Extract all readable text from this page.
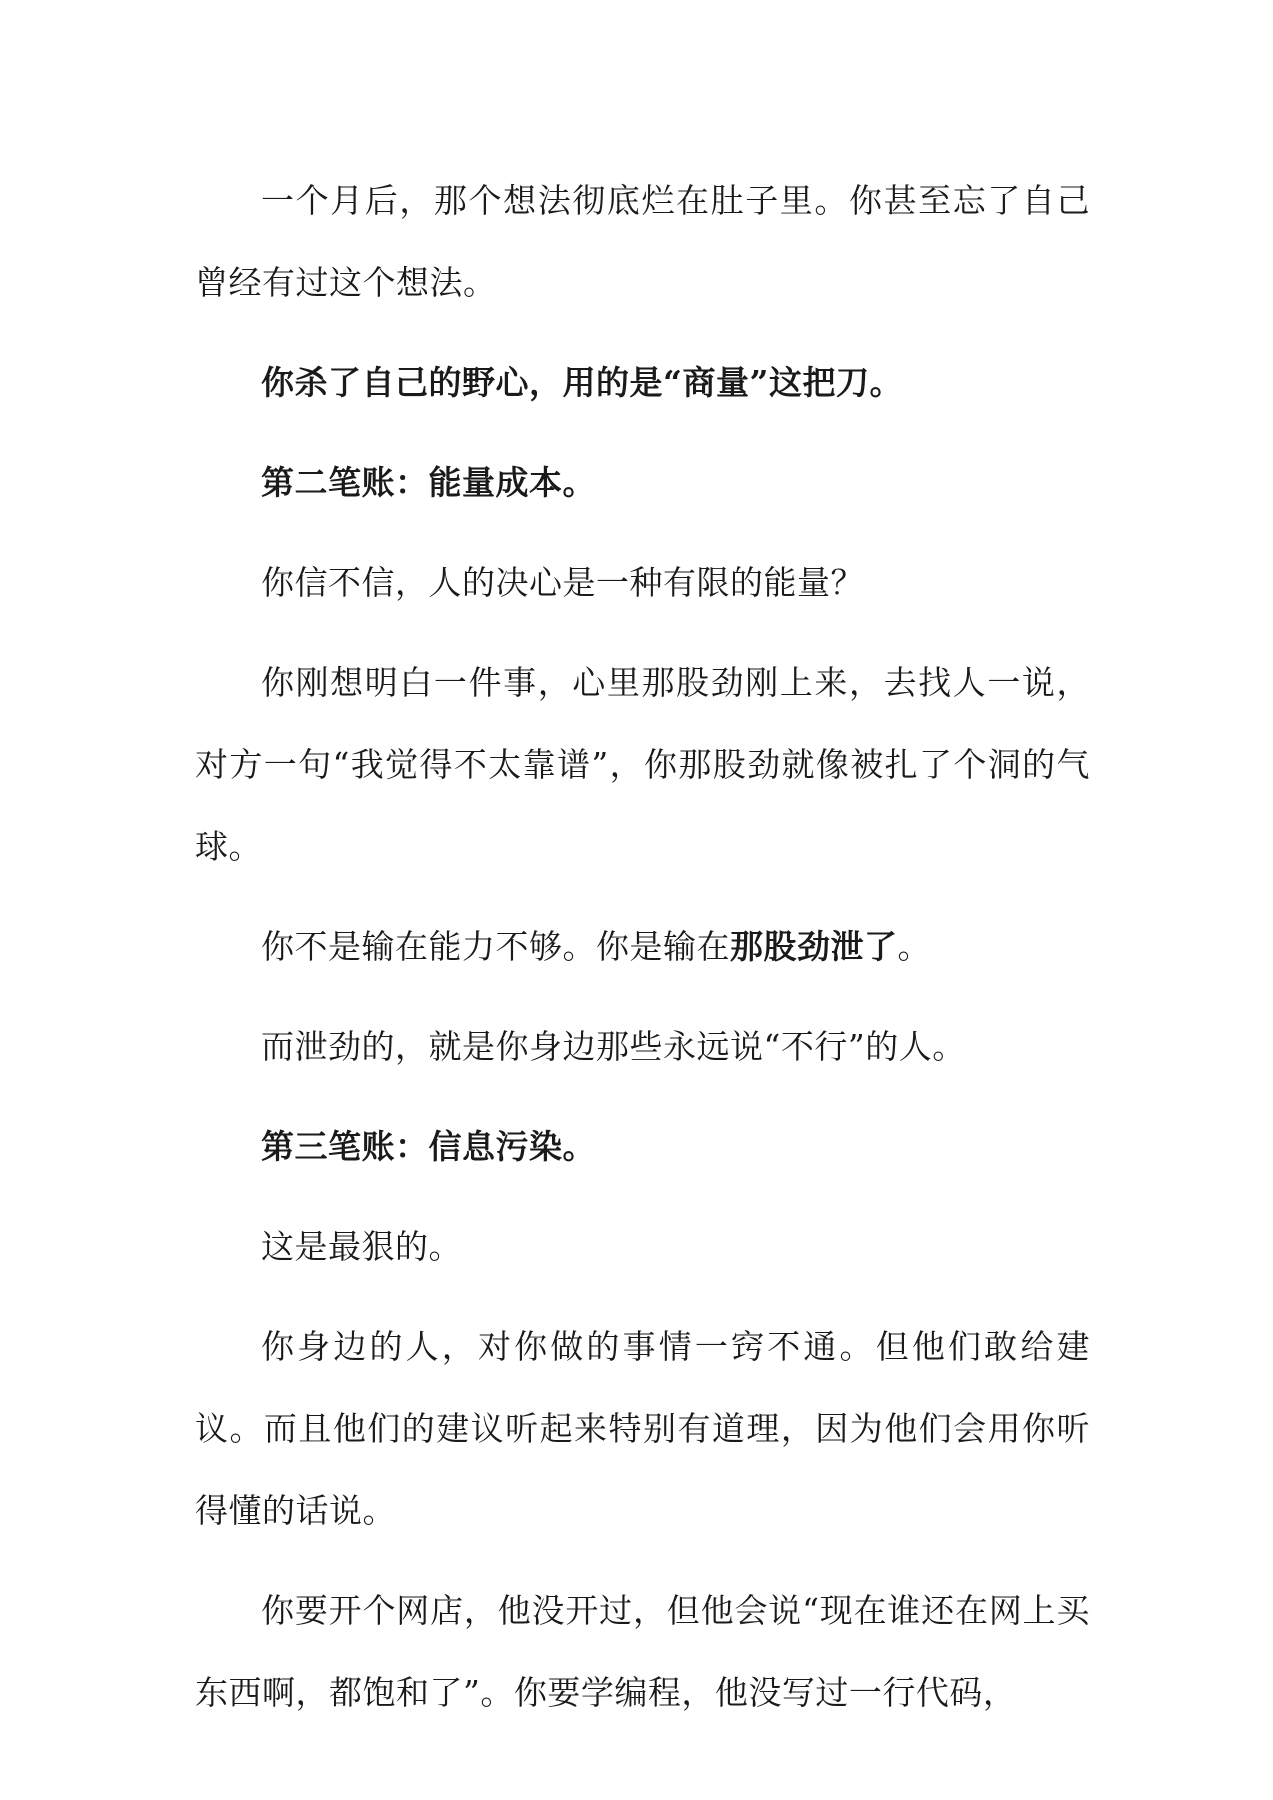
一个月后，那个想法彻底烂在肚子里。你甚至忘了自己曾经有过这个想法。

你杀了自己的野心，用的是“商量”这把刀。

第二笔账：能量成本。

你信不信，人的决心是一种有限的能量？

你刚想明白一件事，心里那股劲刚上来，去找人一说，对方一句“我觉得不太靠谱”，你那股劲就像被扎了个洞的气球。

你不是输在能力不够。你是输在那股劲泄了。

而泄劲的，就是你身边那些永远说“不行”的人。

第三笔账：信息污染。

这是最狠的。

你身边的人，对你做的事情一窍不通。但他们敢给建议。而且他们的建议听起来特别有道理，因为他们会用你听得懂的话说。

你要开个网店，他没开过，但他会说“现在谁还在网上买东西啊，都饱和了”。你要学编程，他没写过一行代码，
